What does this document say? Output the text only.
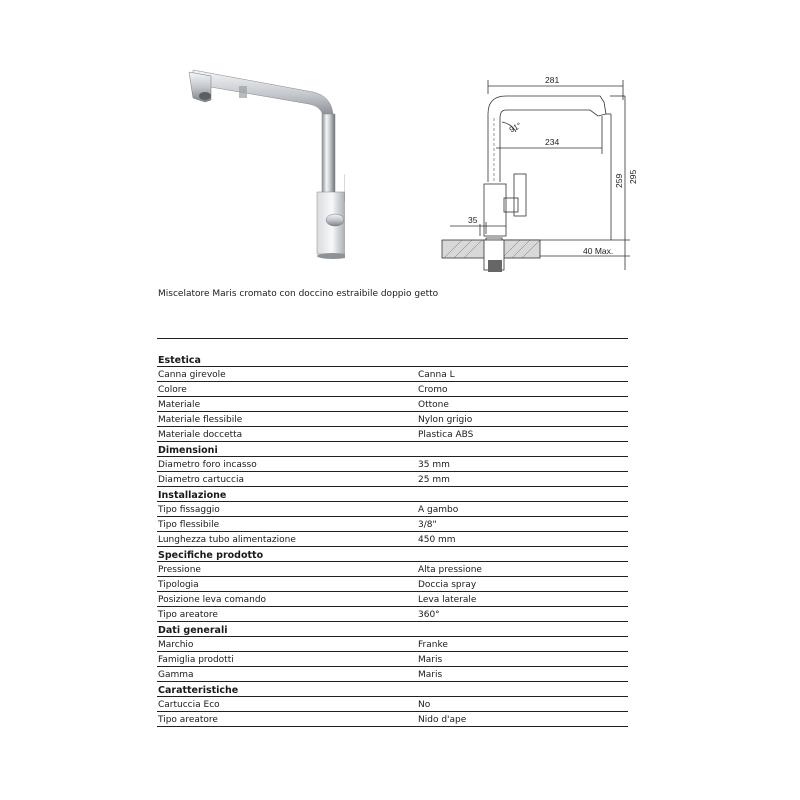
281
234
91°
295
259
35
40 Max.
Miscelatore Maris cromato con doccino estraibile doppio getto
Estetica	
Canna girevole	Canna L
Colore	Cromo
Materiale	Ottone
Materiale flessibile	Nylon grigio
Materiale doccetta	Plastica ABS
Dimensioni	
Diametro foro incasso	35 mm
Diametro cartuccia	25 mm
Installazione	
Tipo fissaggio	A gambo
Tipo flessibile	3/8"
Lunghezza tubo alimentazione	450 mm
Specifiche prodotto	
Pressione	Alta pressione
Tipologia	Doccia spray
Posizione leva comando	Leva laterale
Tipo areatore	360°
Dati generali	
Marchio	Franke
Famiglia prodotti	Maris
Gamma	Maris
Caratteristiche	
Cartuccia Eco	No
Tipo areatore	Nido d'ape
